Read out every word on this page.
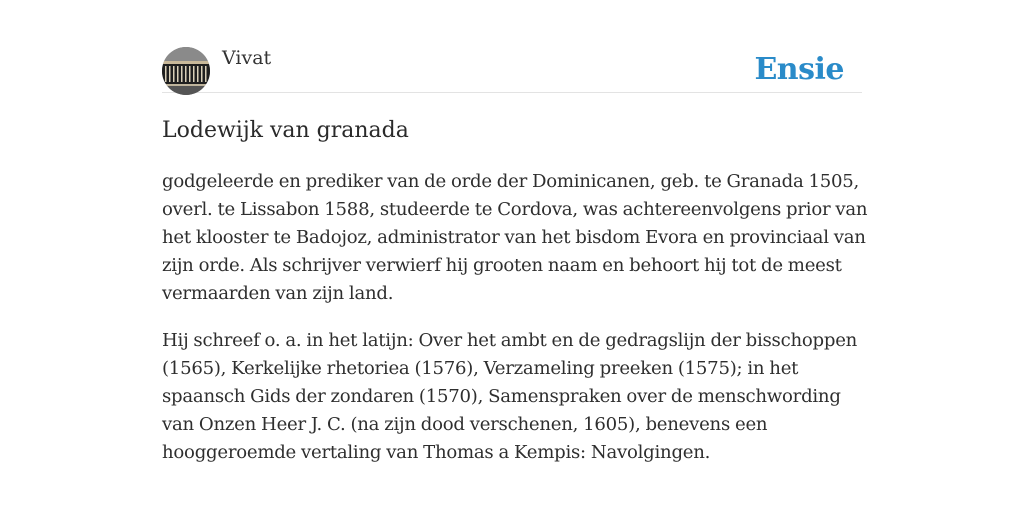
Vivat	Ensie
Lodewijk van granada

godgeleerde en prediker van de orde der Dominicanen, geb. te Granada 1505, overl. te Lissabon 1588, studeerde te Cordova, was achtereenvolgens prior van het klooster te Badojoz, administrator van het bisdom Evora en provinciaal van zijn orde. Als schrijver verwierf hij grooten naam en behoort hij tot de meest vermaarden van zijn land.

Hij schreef o. a. in het latijn: Over het ambt en de gedragslijn der bisschoppen (1565), Kerkelijke rhetoriea (1576), Verzameling preeken (1575); in het spaansch Gids der zondaren (1570), Samenspraken over de menschwording van Onzen Heer J. C. (na zijn dood verschenen, 1605), benevens een hooggeroemde vertaling van Thomas a Kempis: Navolgingen.
